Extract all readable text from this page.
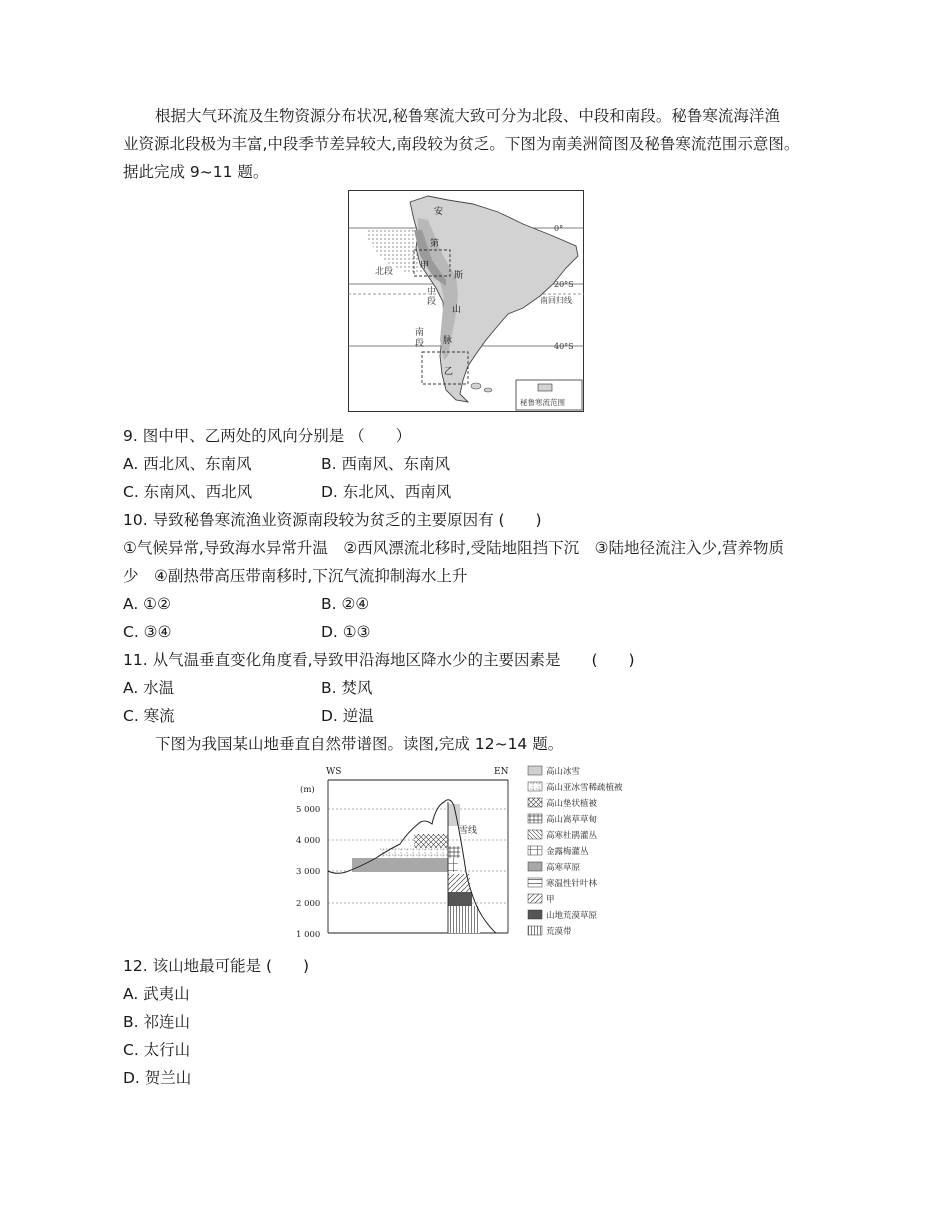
根据大气环流及生物资源分布状况,秘鲁寒流大致可分为北段、中段和南段。秘鲁寒流海洋渔
业资源北段极为丰富,中段季节差异较大,南段较为贫乏。下图为南美洲简图及秘鲁寒流范围示意图。
据此完成 9~11 题。
0°
20°S
南回归线
40°S
北段
中
段
南
段
安
第
斯
山
脉
甲
乙
秘鲁寒流范围
9. 图中甲、乙两处的风向分别是 （　　）
A. 西北风、东南风	B. 西南风、东南风
C. 东南风、西北风	D. 东北风、西南风
10. 导致秘鲁寒流渔业资源南段较为贫乏的主要原因有 (　　)
①气候异常,导致海水异常升温　②西风漂流北移时,受陆地阻挡下沉　③陆地径流注入少,营养物质
少　④副热带高压带南移时,下沉气流抑制海水上升
A. ①②	B. ②④
C. ③④	D. ①③
11. 从气温垂直变化角度看,导致甲沿海地区降水少的主要因素是　　(　　)
A. 水温	B. 焚风
C. 寒流	D. 逆温
下图为我国某山地垂直自然带谱图。读图,完成 12~14 题。
WS	EN
(m)
5 000
4 000
3 000
2 000
1 000
雪线
高山冰雪
高山亚冰雪稀疏植被
高山垫状植被
高山嵩草草甸
高寒杜鹃灌丛
金露梅灌丛
高寒草原
寒温性针叶林
甲
山地荒漠草原
荒漠带
12. 该山地最可能是 (　　)
A. 武夷山
B. 祁连山
C. 太行山
D. 贺兰山
